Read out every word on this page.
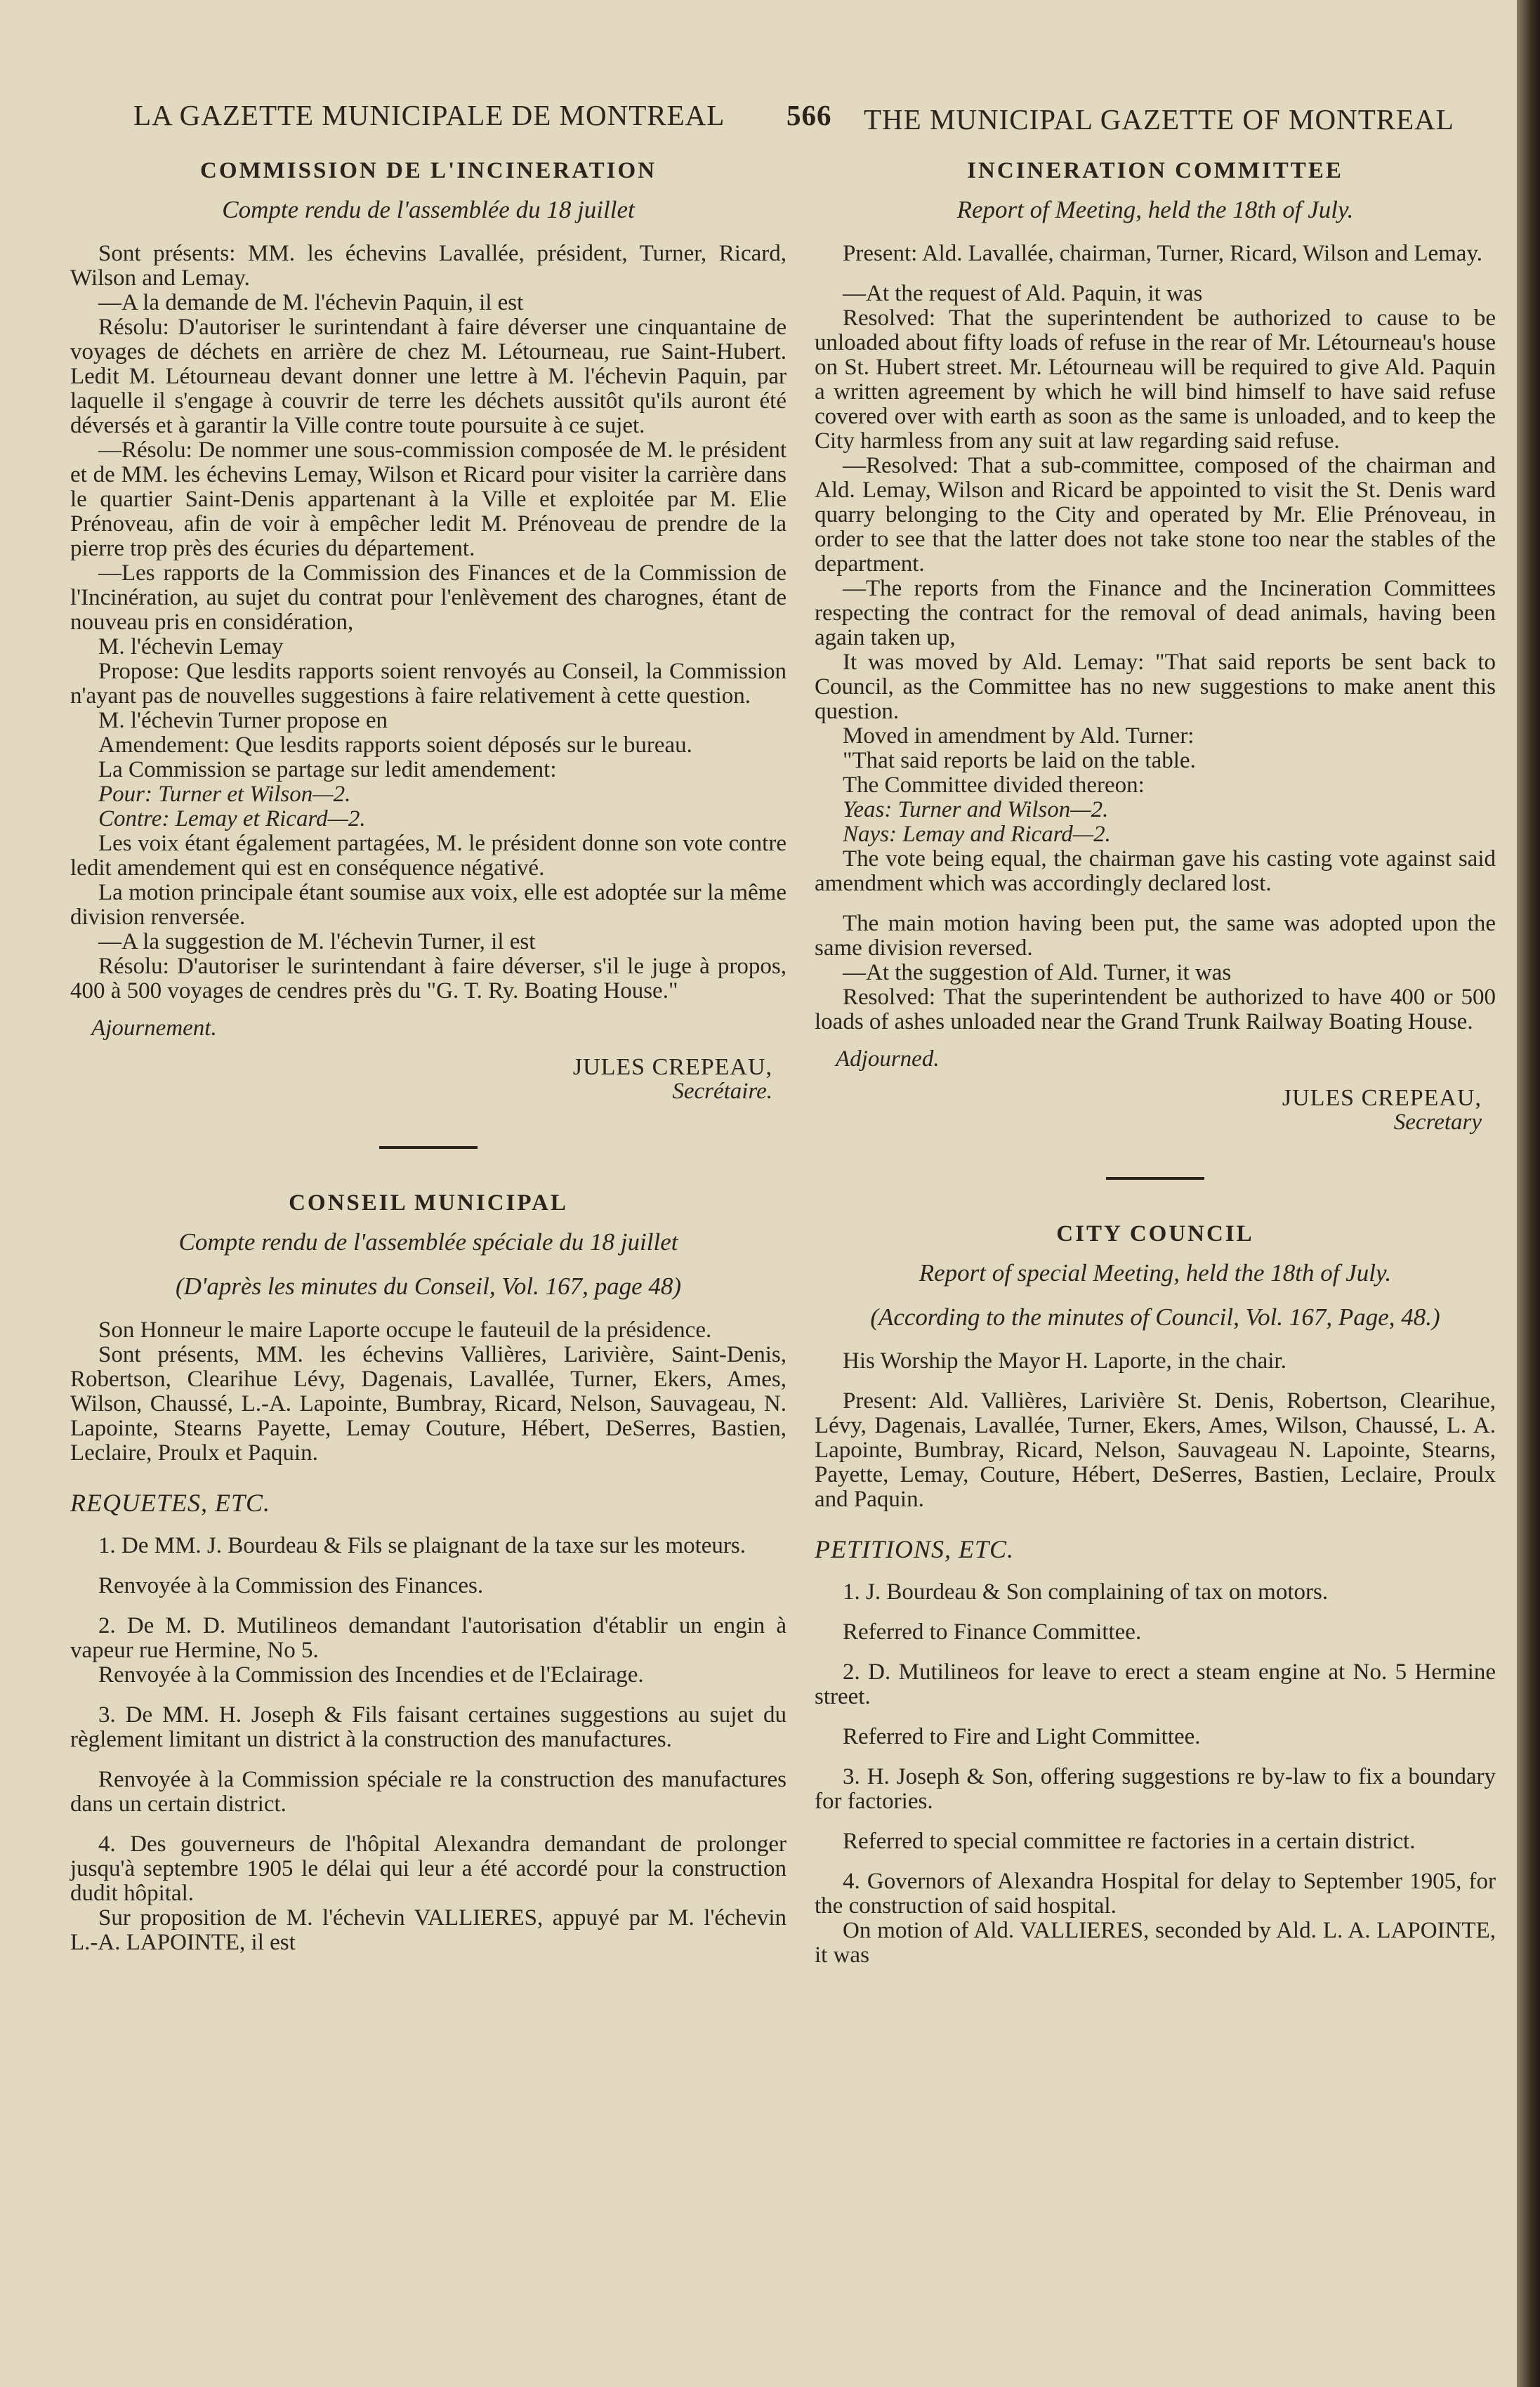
LA GAZETTE MUNICIPALE DE MONTREAL 566 THE MUNICIPAL GAZETTE OF MONTREAL
COMMISSION DE L'INCINERATION
Compte rendu de l'assemblée du 18 juillet

Sont présents: MM. les échevins Lavallée, président, Turner, Ricard, Wilson and Lemay.

—A la demande de M. l'échevin Paquin, il est

Résolu: D'autoriser le surintendant à faire déverser une cinquantaine de voyages de déchets en arrière de chez M. Létourneau, rue Saint-Hubert. Ledit M. Létourneau devant donner une lettre à M. l'échevin Paquin, par laquelle il s'engage à couvrir de terre les déchets aussitôt qu'ils auront été déversés et à garantir la Ville contre toute poursuite à ce sujet.

—Résolu: De nommer une sous-commission composée de M. le président et de MM. les échevins Lemay, Wilson et Ricard pour visiter la carrière dans le quartier Saint-Denis appartenant à la Ville et exploitée par M. Elie Prénoveau, afin de voir à empêcher ledit M. Prénoveau de prendre de la pierre trop près des écuries du département.

—Les rapports de la Commission des Finances et de la Commission de l'Incinération, au sujet du contrat pour l'enlèvement des charognes, étant de nouveau pris en considération,

M. l'échevin Lemay

Propose: Que lesdits rapports soient renvoyés au Conseil, la Commission n'ayant pas de nouvelles suggestions à faire relativement à cette question.

M. l'échevin Turner propose en

Amendement: Que lesdits rapports soient déposés sur le bureau.

La Commission se partage sur ledit amendement:

Pour: Turner et Wilson—2.

Contre: Lemay et Ricard—2.

Les voix étant également partagées, M. le président donne son vote contre ledit amendement qui est en conséquence négativé.

La motion principale étant soumise aux voix, elle est adoptée sur la même division renversée.

—A la suggestion de M. l'échevin Turner, il est

Résolu: D'autoriser le surintendant à faire déverser, s'il le juge à propos, 400 à 500 voyages de cendres près du "G. T. Ry. Boating House."

Ajournement.
JULES CREPEAU,
Secrétaire.
CONSEIL MUNICIPAL
Compte rendu de l'assemblée spéciale du 18 juillet
(D'après les minutes du Conseil, Vol. 167, page 48)

Son Honneur le maire Laporte occupe le fauteuil de la présidence.

Sont présents, MM. les échevins Vallières, Larivière, Saint-Denis, Robertson, Clearihue Lévy, Dagenais, Lavallée, Turner, Ekers, Ames, Wilson, Chaussé, L.-A. Lapointe, Bumbray, Ricard, Nelson, Sauvageau, N. Lapointe, Stearns Payette, Lemay Couture, Hébert, DeSerres, Bastien, Leclaire, Proulx et Paquin.

REQUETES, ETC.

1. De MM. J. Bourdeau & Fils se plaignant de la taxe sur les moteurs.

Renvoyée à la Commission des Finances.

2. De M. D. Mutilineos demandant l'autorisation d'établir un engin à vapeur rue Hermine, No 5.

Renvoyée à la Commission des Incendies et de l'Eclairage.

3. De MM. H. Joseph & Fils faisant certaines suggestions au sujet du règlement limitant un district à la construction des manufactures.

Renvoyée à la Commission spéciale re la construction des manufactures dans un certain district.

4. Des gouverneurs de l'hôpital Alexandra demandant de prolonger jusqu'à septembre 1905 le délai qui leur a été accordé pour la construction dudit hôpital.

Sur proposition de M. l'échevin VALLIERES, appuyé par M. l'échevin L.-A. LAPOINTE, il est

INCINERATION COMMITTEE
Report of Meeting, held the 18th of July.

Present: Ald. Lavallée, chairman, Turner, Ricard, Wilson and Lemay.

—At the request of Ald. Paquin, it was

Resolved: That the superintendent be authorized to cause to be unloaded about fifty loads of refuse in the rear of Mr. Létourneau's house on St. Hubert street. Mr. Létourneau will be required to give Ald. Paquin a written agreement by which he will bind himself to have said refuse covered over with earth as soon as the same is unloaded, and to keep the City harmless from any suit at law regarding said refuse.

—Resolved: That a sub-committee, composed of the chairman and Ald. Lemay, Wilson and Ricard be appointed to visit the St. Denis ward quarry belonging to the City and operated by Mr. Elie Prénoveau, in order to see that the latter does not take stone too near the stables of the department.

—The reports from the Finance and the Incineration Committees respecting the contract for the removal of dead animals, having been again taken up,

It was moved by Ald. Lemay: "That said reports be sent back to Council, as the Committee has no new suggestions to make anent this question.

Moved in amendment by Ald. Turner:

"That said reports be laid on the table.

The Committee divided thereon:

Yeas: Turner and Wilson—2.

Nays: Lemay and Ricard—2.

The vote being equal, the chairman gave his casting vote against said amendment which was accordingly declared lost.

The main motion having been put, the same was adopted upon the same division reversed.

—At the suggestion of Ald. Turner, it was

Resolved: That the superintendent be authorized to have 400 or 500 loads of ashes unloaded near the Grand Trunk Railway Boating House.

Adjourned.
JULES CREPEAU,
Secretary
CITY COUNCIL
Report of special Meeting, held the 18th of July.
(According to the minutes of Council, Vol. 167, Page, 48.)

His Worship the Mayor H. Laporte, in the chair.

Present: Ald. Vallières, Larivière St. Denis, Robertson, Clearihue, Lévy, Dagenais, Lavallée, Turner, Ekers, Ames, Wilson, Chaussé, L. A. Lapointe, Bumbray, Ricard, Nelson, Sauvageau N. Lapointe, Stearns, Payette, Lemay, Couture, Hébert, DeSerres, Bastien, Leclaire, Proulx and Paquin.

PETITIONS, ETC.

1. J. Bourdeau & Son complaining of tax on motors.

Referred to Finance Committee.

2. D. Mutilineos for leave to erect a steam engine at No. 5 Hermine street.

Referred to Fire and Light Committee.

3. H. Joseph & Son, offering suggestions re by-law to fix a boundary for factories.

Referred to special committee re factories in a certain district.

4. Governors of Alexandra Hospital for delay to September 1905, for the construction of said hospital.

On motion of Ald. VALLIERES, seconded by Ald. L. A. LAPOINTE, it was
